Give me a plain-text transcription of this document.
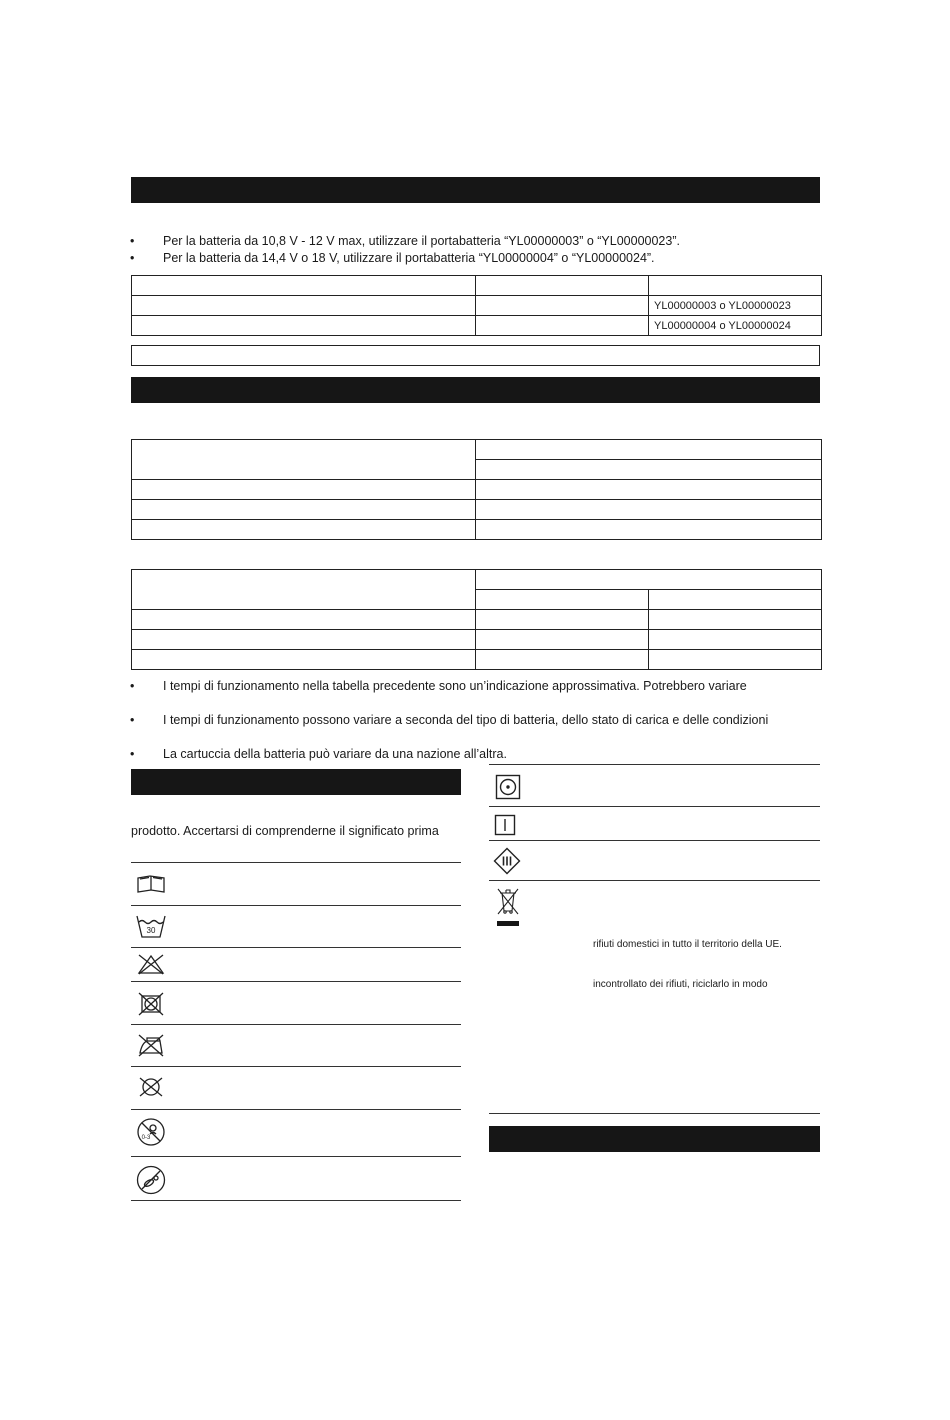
• Per la batteria da 10,8 V - 12 V max, utilizzare il portabatteria “YL00000003” o “YL00000023”.
• Per la batteria da 14,4 V o 18 V, utilizzare il portabatteria “YL00000004” o “YL00000024”.

		YL00000003 o YL00000023
		YL00000004 o YL00000024

• I tempi di funzionamento nella tabella precedente sono un’indicazione approssimativa. Potrebbero variare
• I tempi di funzionamento possono variare a seconda del tipo di batteria, dello stato di carica e delle condizioni
• La cartuccia della batteria può variare da una nazione all’altra.
prodotto. Accertarsi di comprenderne il significato prima
30
0-3
rifiuti domestici in tutto il territorio della UE.
incontrollato dei rifiuti, riciclarlo in modo
